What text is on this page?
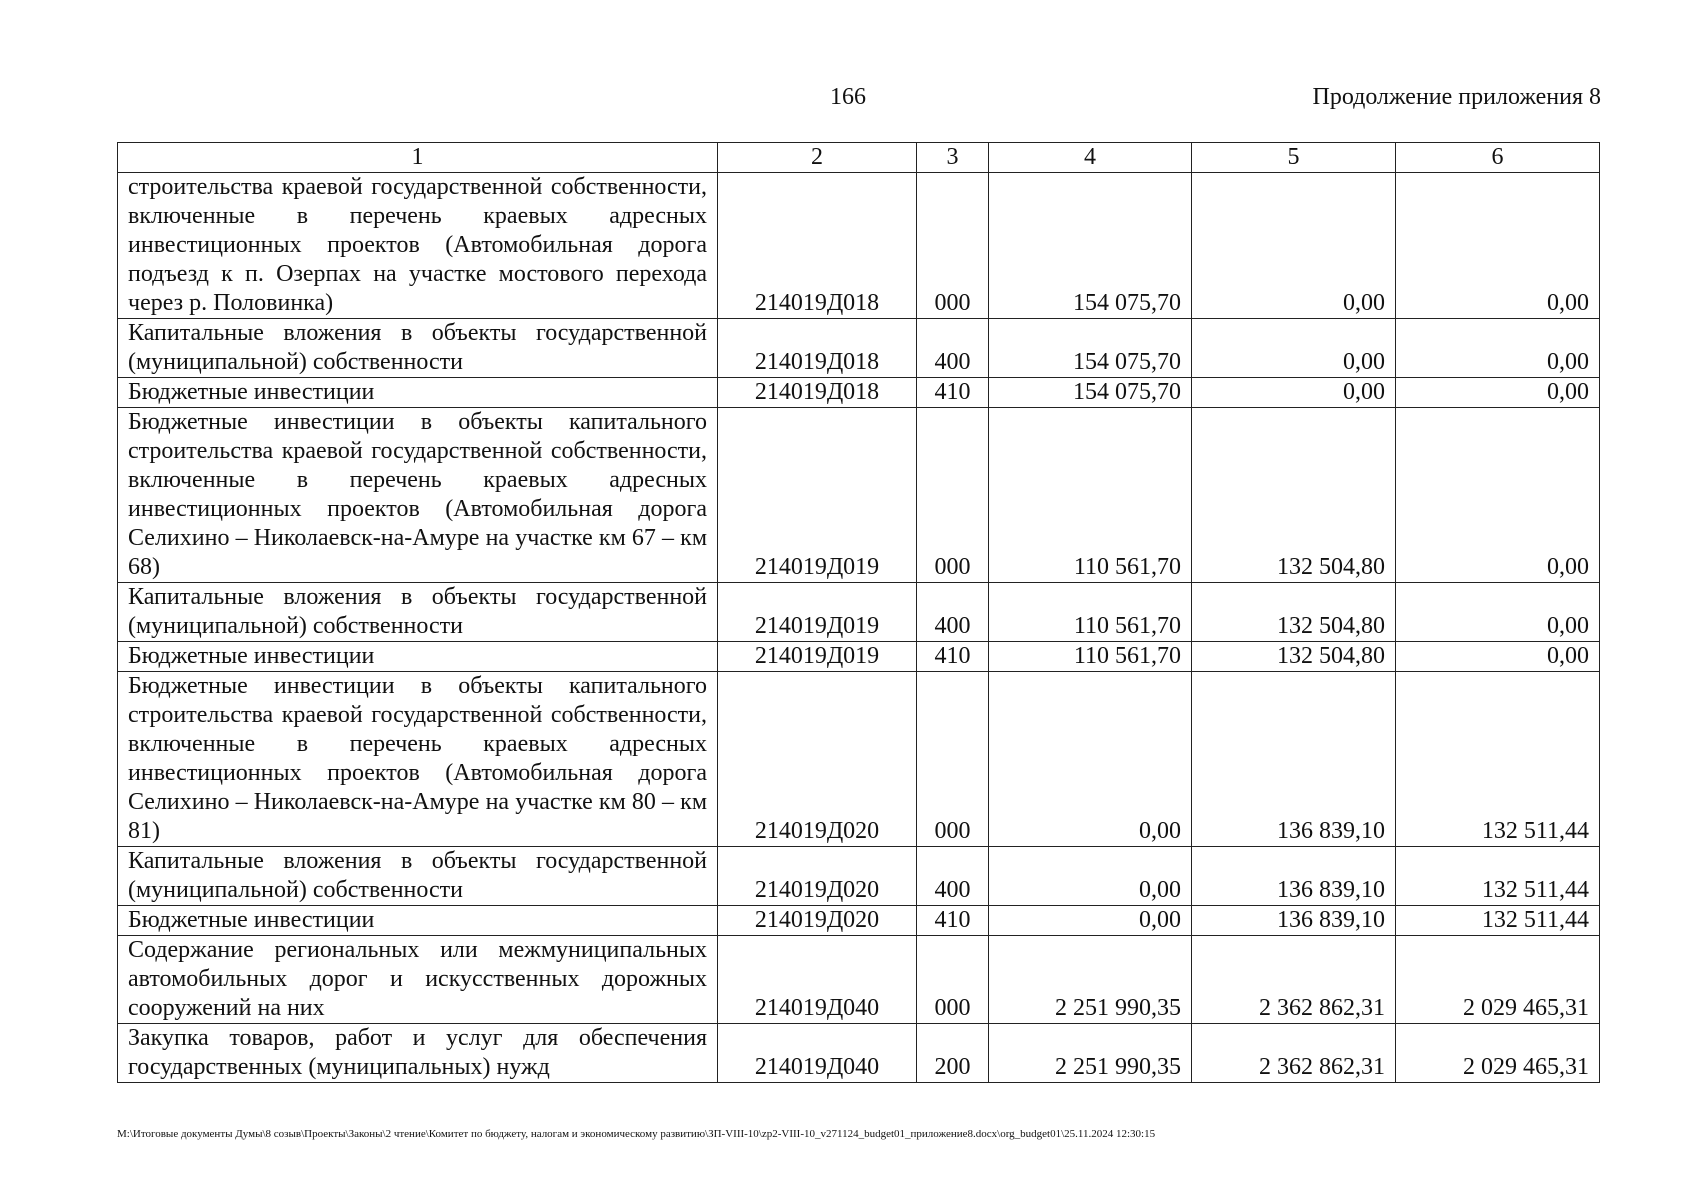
166	Продолжение приложения 8
1	2	3	4	5	6
строительства краевой государственной собственности, включенные в перечень краевых адресных инвестиционных проектов (Автомобильная дорога подъезд к п. Озерпах на участке мостового перехода через р. Половинка)	214019Д018	000	154 075,70	0,00	0,00
Капитальные вложения в объекты государственной (муниципальной) собственности	214019Д018	400	154 075,70	0,00	0,00
Бюджетные инвестиции	214019Д018	410	154 075,70	0,00	0,00
Бюджетные инвестиции в объекты капитального строительства краевой государственной собственности, включенные в перечень краевых адресных инвестиционных проектов (Автомобильная дорога Селихино – Николаевск-на-Амуре на участке км 67 – км 68)	214019Д019	000	110 561,70	132 504,80	0,00
Капитальные вложения в объекты государственной (муниципальной) собственности	214019Д019	400	110 561,70	132 504,80	0,00
Бюджетные инвестиции	214019Д019	410	110 561,70	132 504,80	0,00
Бюджетные инвестиции в объекты капитального строительства краевой государственной собственности, включенные в перечень краевых адресных инвестиционных проектов (Автомобильная дорога Селихино – Николаевск-на-Амуре на участке км 80 – км 81)	214019Д020	000	0,00	136 839,10	132 511,44
Капитальные вложения в объекты государственной (муниципальной) собственности	214019Д020	400	0,00	136 839,10	132 511,44
Бюджетные инвестиции	214019Д020	410	0,00	136 839,10	132 511,44
Содержание региональных или межмуниципальных автомобильных дорог и искусственных дорожных сооружений на них	214019Д040	000	2 251 990,35	2 362 862,31	2 029 465,31
Закупка товаров, работ и услуг для обеспечения государственных (муниципальных) нужд	214019Д040	200	2 251 990,35	2 362 862,31	2 029 465,31
М:\Итоговые документы Думы\8 созыв\Проекты\Законы\2 чтение\Комитет по бюджету, налогам и экономическому развитию\ЗП-VIII-10\zp2-VIII-10_v271124_budget01_приложение8.docx\org_budget01\25.11.2024 12:30:15
